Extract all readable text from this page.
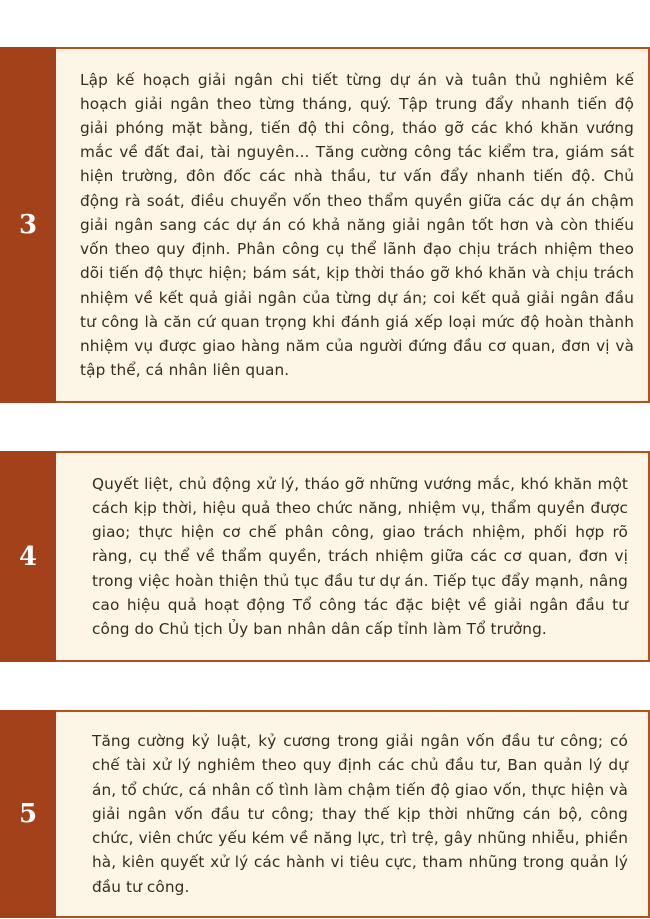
3

Lập kế hoạch giải ngân chi tiết từng dự án và tuân thủ nghiêm kế hoạch giải ngân theo từng tháng, quý. Tập trung đẩy nhanh tiến độ giải phóng mặt bằng, tiến độ thi công, tháo gỡ các khó khăn vướng mắc về đất đai, tài nguyên... Tăng cường công tác kiểm tra, giám sát hiện trường, đôn đốc các nhà thầu, tư vấn đẩy nhanh tiến độ. Chủ động rà soát, điều chuyển vốn theo thẩm quyền giữa các dự án chậm giải ngân sang các dự án có khả năng giải ngân tốt hơn và còn thiếu vốn theo quy định. Phân công cụ thể lãnh đạo chịu trách nhiệm theo dõi tiến độ thực hiện; bám sát, kịp thời tháo gỡ khó khăn và chịu trách nhiệm về kết quả giải ngân của từng dự án; coi kết quả giải ngân đầu tư công là căn cứ quan trọng khi đánh giá xếp loại mức độ hoàn thành nhiệm vụ được giao hàng năm của người đứng đầu cơ quan, đơn vị và tập thể, cá nhân liên quan.

4

Quyết liệt, chủ động xử lý, tháo gỡ những vướng mắc, khó khăn một cách kịp thời, hiệu quả theo chức năng, nhiệm vụ, thẩm quyền được giao; thực hiện cơ chế phân công, giao trách nhiệm, phối hợp rõ ràng, cụ thể về thẩm quyền, trách nhiệm giữa các cơ quan, đơn vị trong việc hoàn thiện thủ tục đầu tư dự án. Tiếp tục đẩy mạnh, nâng cao hiệu quả hoạt động Tổ công tác đặc biệt về giải ngân đầu tư công do Chủ tịch Ủy ban nhân dân cấp tỉnh làm Tổ trưởng.

5

Tăng cường kỷ luật, kỷ cương trong giải ngân vốn đầu tư công; có chế tài xử lý nghiêm theo quy định các chủ đầu tư, Ban quản lý dự án, tổ chức, cá nhân cố tình làm chậm tiến độ giao vốn, thực hiện và giải ngân vốn đầu tư công; thay thế kịp thời những cán bộ, công chức, viên chức yếu kém về năng lực, trì trệ, gây nhũng nhiễu, phiền hà, kiên quyết xử lý các hành vi tiêu cực, tham nhũng trong quản lý đầu tư công.
